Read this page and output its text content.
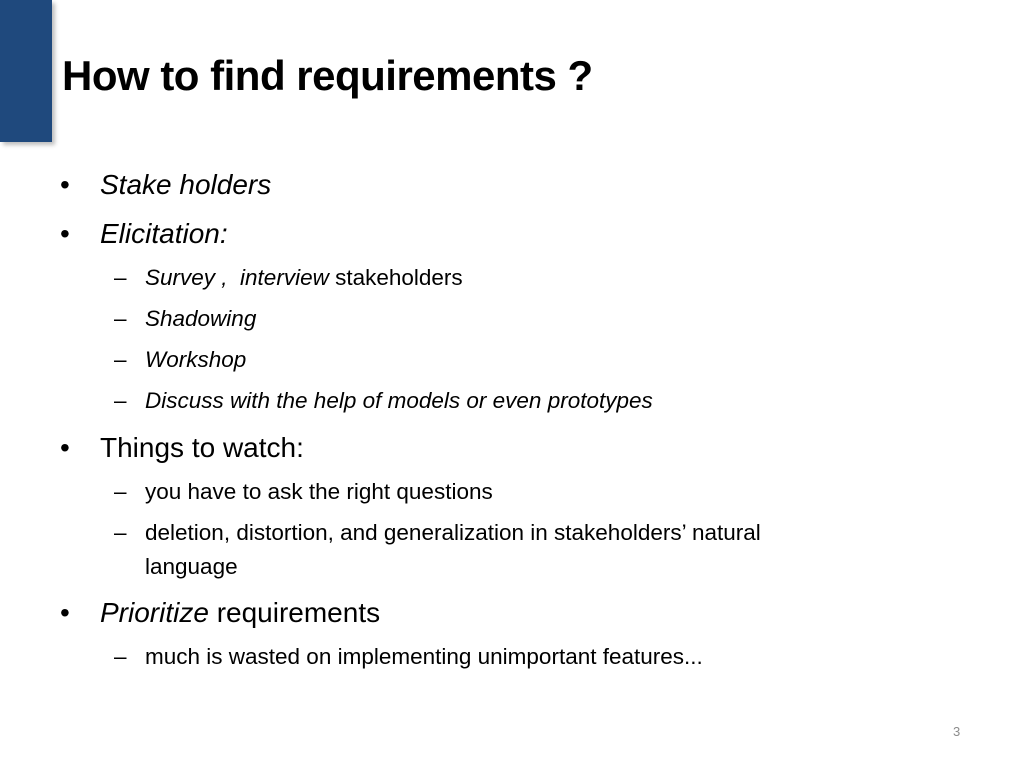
How to find requirements ?
• Stake holders
• Elicitation:
– Survey , interview stakeholders
– Shadowing
– Workshop
– Discuss with the help of models or even prototypes
• Things to watch:
– you have to ask the right questions
– deletion, distortion, and generalization in stakeholders’ natural
language
• Prioritize requirements
– much is wasted on implementing unimportant features...
3
